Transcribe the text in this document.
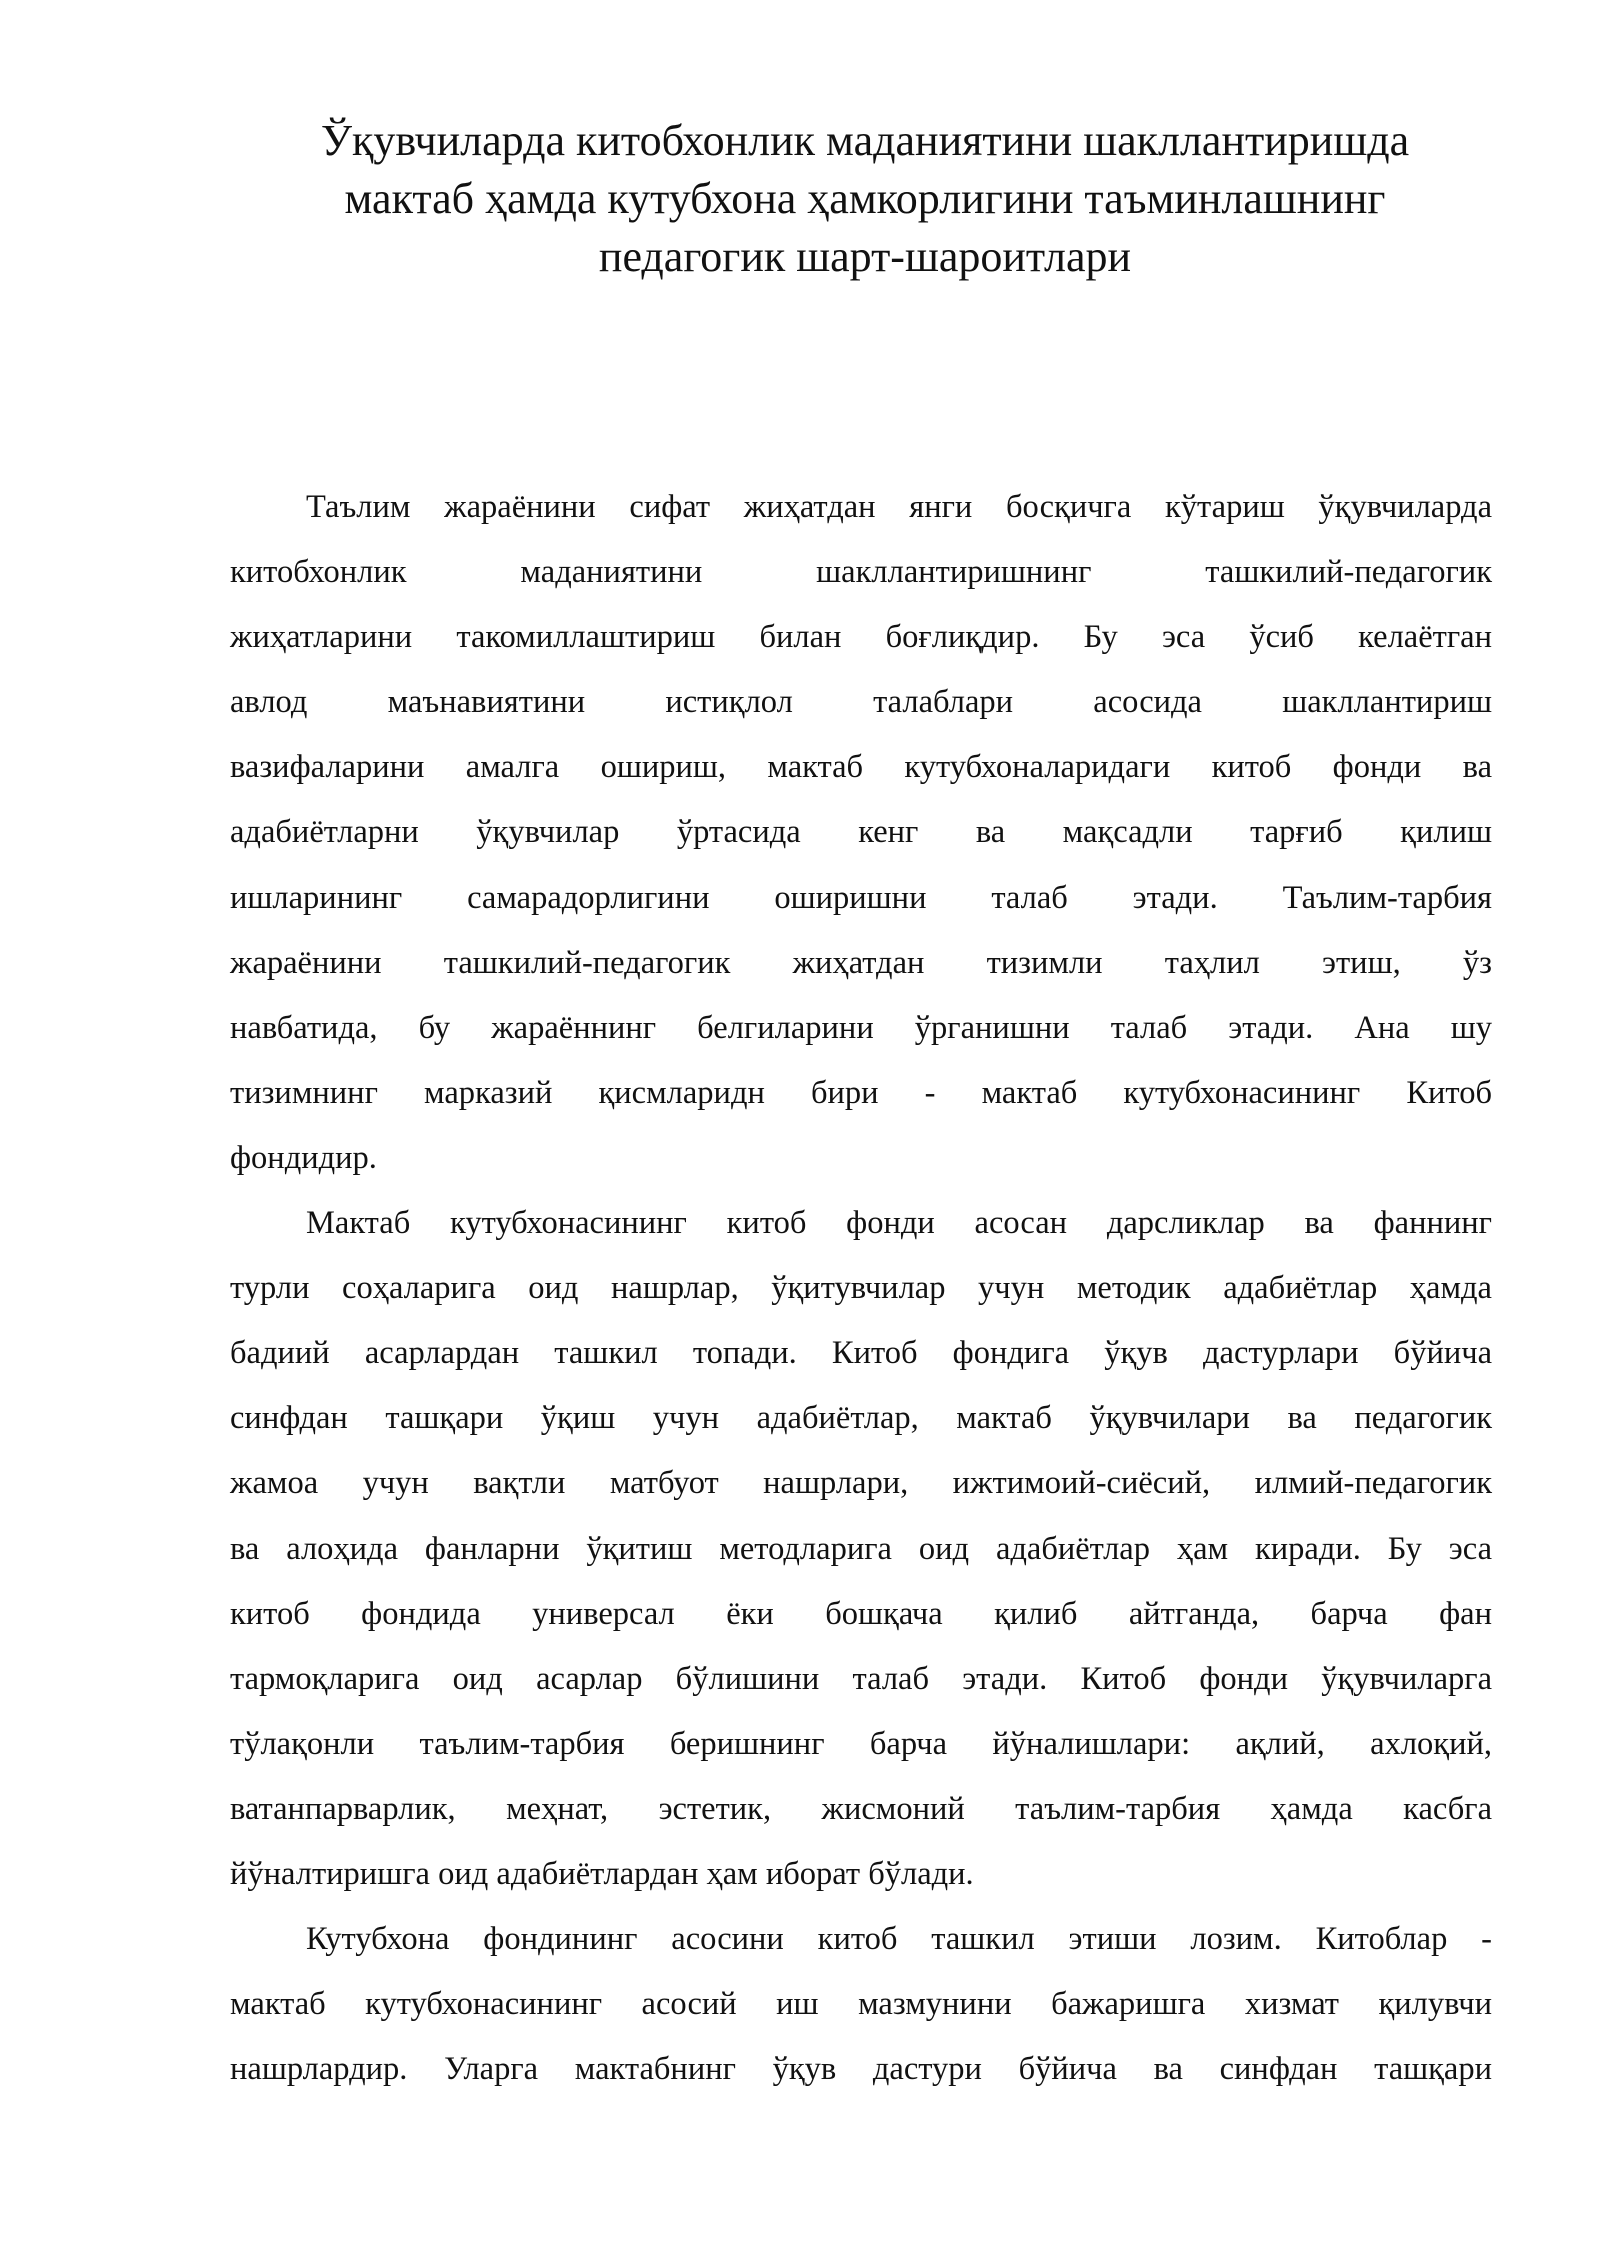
Ўқувчиларда китобхонлик маданиятини шакллантиришда
мактаб ҳамда кутубхона ҳамкорлигини таъминлашнинг
педагогик шарт-шароитлари

Таълим жараёнини сифат жиҳатдан янги босқичга кўтариш ўқувчиларда
китобхонлик маданиятини шакллантиришнинг ташкилий-педагогик
жиҳатларини такомиллаштириш билан боғлиқдир. Бу эса ўсиб келаётган
авлод маънавиятини истиқлол талаблари асосида шакллантириш
вазифаларини амалга ошириш, мактаб кутубхоналаридаги китоб фонди ва
адабиётларни ўқувчилар ўртасида кенг ва мақсадли тарғиб қилиш
ишларининг самарадорлигини оширишни талаб этади. Таълим-тарбия
жараёнини ташкилий-педагогик жиҳатдан тизимли таҳлил этиш, ўз
навбатида, бу жараённинг белгиларини ўрганишни талаб этади. Ана шу
тизимнинг марказий қисмларидн бири - мактаб кутубхонасининг Китоб
фондидир.

Мактаб кутубхонасининг китоб фонди асосан дарсликлар ва фаннинг
турли соҳаларига оид нашрлар, ўқитувчилар учун методик адабиётлар ҳамда
бадиий асарлардан ташкил топади. Китоб фондига ўқув дастурлари бўйича
синфдан ташқари ўқиш учун адабиётлар, мактаб ўқувчилари ва педагогик
жамоа учун вақтли матбуот нашрлари, ижтимоий-сиёсий, илмий-педагогик
ва алоҳида фанларни ўқитиш методларига оид адабиётлар ҳам киради. Бу эса
китоб фондида универсал ёки бошқача қилиб айтганда, барча фан
тармоқларига оид асарлар бўлишини талаб этади. Китоб фонди ўқувчиларга
тўлақонли таълим-тарбия беришнинг барча йўналишлари: ақлий, ахлоқий,
ватанпарварлик, меҳнат, эстетик, жисмоний таълим-тарбия ҳамда касбга
йўналтиришга оид адабиётлардан ҳам иборат бўлади.

Кутубхона фондининг асосини китоб ташкил этиши лозим. Китоблар -
мактаб кутубхонасининг асосий иш мазмунини бажаришга хизмат қилувчи
нашрлардир. Уларга мактабнинг ўқув дастури бўйича ва синфдан ташқари
